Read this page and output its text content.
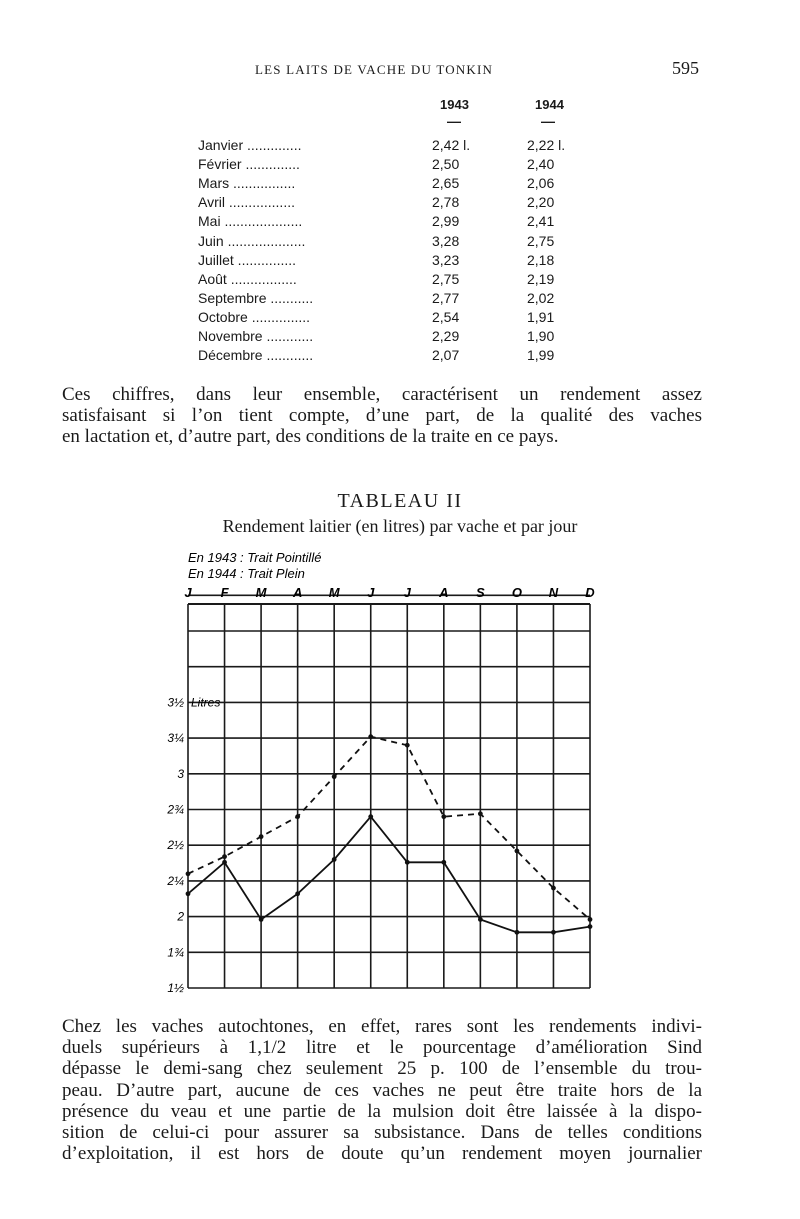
LES LAITS DE VACHE DU TONKIN	595
1943	1944
—	—
Janvier ..............	2,42 l.	2,22 l.
Février ..............	2,50	2,40
Mars ................	2,65	2,06
Avril .................	2,78	2,20
Mai ....................	2,99	2,41
Juin ....................	3,28	2,75
Juillet ...............	3,23	2,18
Août .................	2,75	2,19
Septembre ...........	2,77	2,02
Octobre ...............	2,54	1,91
Novembre ............	2,29	1,90
Décembre ............	2,07	1,99
Ces chiffres, dans leur ensemble, caractérisent un rendement assez
satisfaisant si l’on tient compte, d’une part, de la qualité des vaches
en lactation et, d’autre part, des conditions de la traite en ce pays.
TABLEAU II
Rendement laitier (en litres) par vache et par jour
En 1943 : Trait Pointillé
En 1944 : Trait Plein
J F M A M J J A S O N D
1½
1¾
2
2¼
2½
2¾
3
3¼
3½ Litres
Chez les vaches autochtones, en effet, rares sont les rendements indivi-
duels supérieurs à 1,1/2 litre et le pourcentage d’amélioration Sind
dépasse le demi-sang chez seulement 25 p. 100 de l’ensemble du trou-
peau. D’autre part, aucune de ces vaches ne peut être traite hors de la
présence du veau et une partie de la mulsion doit être laissée à la dispo-
sition de celui-ci pour assurer sa subsistance. Dans de telles conditions
d’exploitation, il est hors de doute qu’un rendement moyen journalier
